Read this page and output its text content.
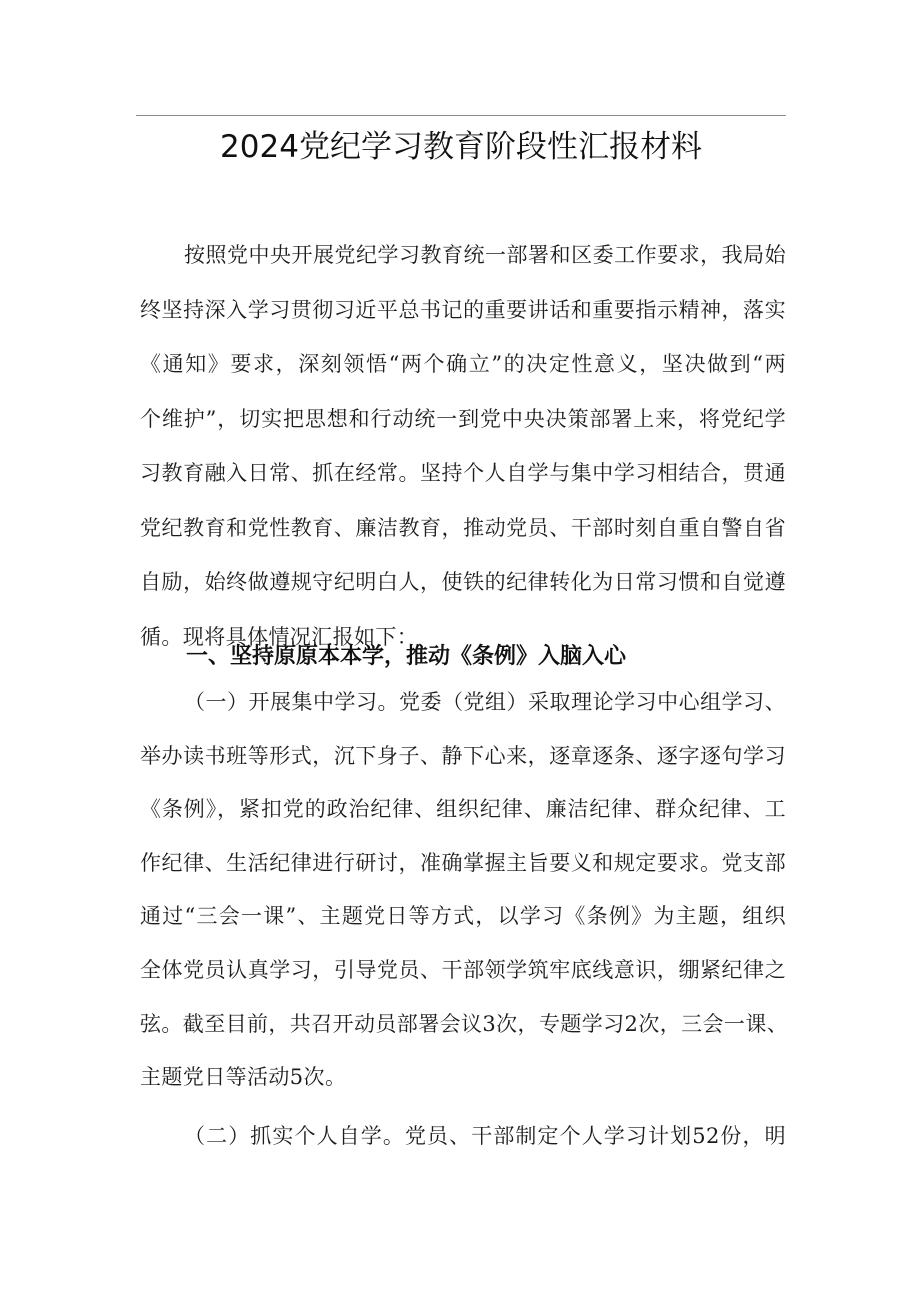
2024党纪学习教育阶段性汇报材料
按照党中央开展党纪学习教育统一部署和区委工作要求，我局始
终坚持深入学习贯彻习近平总书记的重要讲话和重要指示精神，落实
《通知》要求，深刻领悟“两个确立”的决定性意义，坚决做到“两
个维护”，切实把思想和行动统一到党中央决策部署上来，将党纪学
习教育融入日常、抓在经常。坚持个人自学与集中学习相结合，贯通
党纪教育和党性教育、廉洁教育，推动党员、干部时刻自重自警自省
自励，始终做遵规守纪明白人，使铁的纪律转化为日常习惯和自觉遵
循。现将具体情况汇报如下：
一、坚持原原本本学，推动《条例》入脑入心
（一）开展集中学习。党委（党组）采取理论学习中心组学习、
举办读书班等形式，沉下身子、静下心来，逐章逐条、逐字逐句学习
《条例》，紧扣党的政治纪律、组织纪律、廉洁纪律、群众纪律、工
作纪律、生活纪律进行研讨，准确掌握主旨要义和规定要求。党支部
通过“三会一课”、主题党日等方式，以学习《条例》为主题，组织
全体党员认真学习，引导党员、干部领学筑牢底线意识，绷紧纪律之
弦。截至目前，共召开动员部署会议3次，专题学习2次，三会一课、
主题党日等活动5次。
（二）抓实个人自学。党员、干部制定个人学习计划52份，明
